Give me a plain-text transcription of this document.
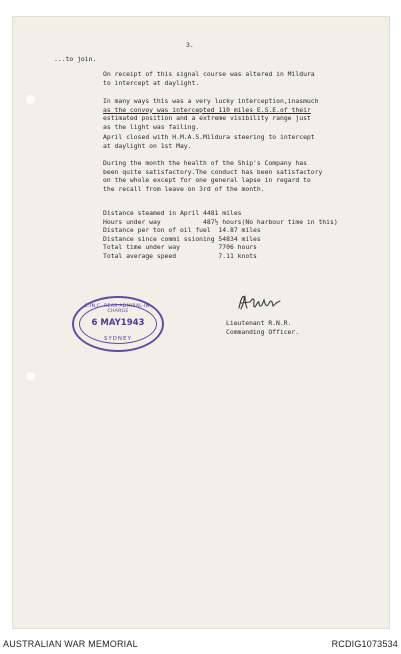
3.

...to join.

On receipt of this signal course was altered in Mildura

to intercept at daylight.

In many ways this was a very lucky interception,inasmuch

as the convoy was intercepted 110 miles E.S.E.of their

estimated position and a extreme visibility range just

as the light was failing.

April closed with H.M.A.S.Mildura steering to intercept

at daylight on 1st May.

During the month the health of the Ship's Company has

been quite satisfactory.The conduct has been satisfactory

on the whole except for one general lapse in regard to

the recall from leave on 3rd of the month.

Distance steamed in April 4481 miles

Hours under way           487½ hours(No harbour time in this)

Distance per ton of oil fuel  14.87 miles

Distance since commi ssioning 54834 miles

Total time under way          7706 hours

Total average speed           7.11 knots

C.IN.C. REAR-ADMIRAL-IN-CHARGE
6 MAY1943
SYDNEY

Lieutenant R.N.R.

Commanding Officer.

AUSTRALIAN WAR MEMORIAL	RCDIG1073534
